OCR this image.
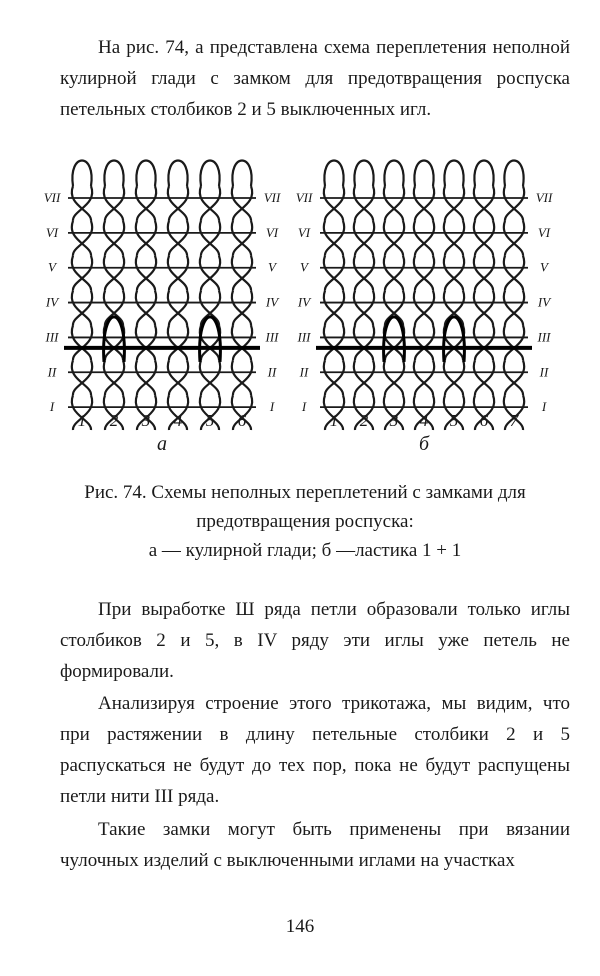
На рис. 74, а представлена схема переплетения неполной кулирной глади с замком для предотвращения роспуска петельных столбиков 2 и 5 выключенных игл.

VII	VII
VI	VI
V	V
IV	IV
III	III
II	II
I	I
1 2 3 4 5 6
а
VII	VII
VI	VI
V	V
IV	IV
III	III
II	II
I	I
1 2 3 4 5 6 7
б
Рис. 74. Схемы неполных переплетений с замками для
предотвращения роспуска:
а — кулирной глади; б —ластика 1 + 1

При выработке Ш ряда петли образовали только иглы столбиков 2 и 5, в IV ряду эти иглы уже петель не формировали.

Анализируя строение этого трикотажа, мы видим, что при растяжении в длину петельные столбики 2 и 5 распускаться не будут до тех пор, пока не будут распущены петли нити III ряда.

Такие замки могут быть применены при вязании чулочных изделий с выключенными иглами на участках

146
